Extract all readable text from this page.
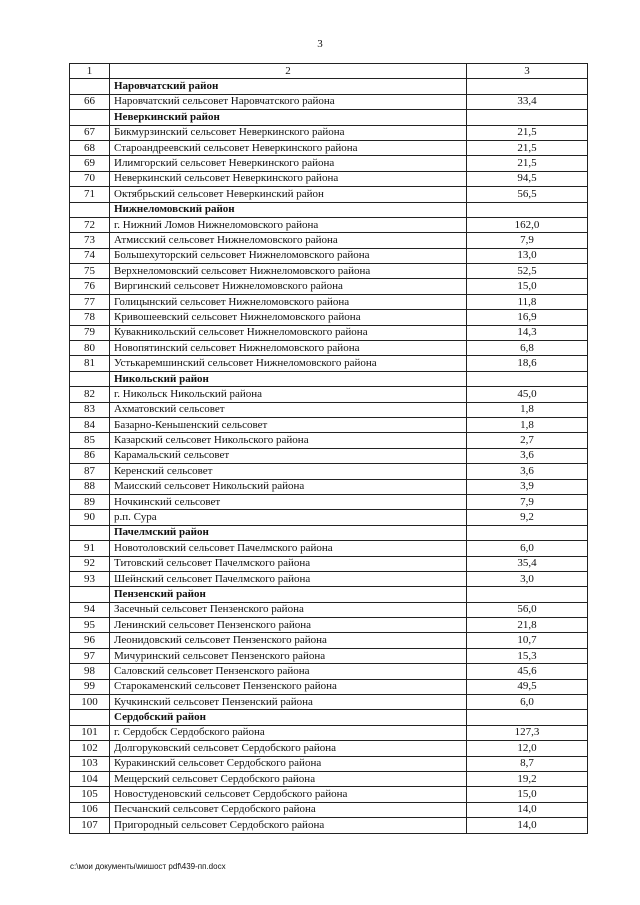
3
1	2	3
	Наровчатский район	
66	Наровчатский сельсовет Наровчатского района	33,4
	Неверкинский район	
67	Бикмурзинский сельсовет Неверкинского района	21,5
68	Староандреевский сельсовет Неверкинского района	21,5
69	Илимгорский сельсовет Неверкинского района	21,5
70	Неверкинский сельсовет Неверкинского района	94,5
71	Октябрьский сельсовет Неверкинский район	56,5
	Нижнеломовский район	
72	г. Нижний Ломов Нижнеломовского района	162,0
73	Атмисский сельсовет Нижнеломовского района	7,9
74	Большехуторский сельсовет Нижнеломовского района	13,0
75	Верхнеломовский сельсовет Нижнеломовского района	52,5
76	Виргинский сельсовет Нижнеломовского района	15,0
77	Голицынский сельсовет Нижнеломовского района	11,8
78	Кривошеевский сельсовет Нижнеломовского района	16,9
79	Кувакникольский сельсовет Нижнеломовского района	14,3
80	Новопятинский сельсовет Нижнеломовского района	6,8
81	Устькаремшинский сельсовет Нижнеломовского района	18,6
	Никольский район	
82	г. Никольск Никольский района	45,0
83	Ахматовский сельсовет	1,8
84	Базарно-Кеньшенский сельсовет	1,8
85	Казарский сельсовет Никольского района	2,7
86	Карамальский сельсовет	3,6
87	Керенский сельсовет	3,6
88	Маисский сельсовет Никольский района	3,9
89	Ночкинский сельсовет	7,9
90	р.п. Сура	9,2
	Пачелмский район	
91	Новотоловский сельсовет Пачелмского района	6,0
92	Титовский сельсовет Пачелмского района	35,4
93	Шейнский сельсовет Пачелмского района	3,0
	Пензенский район	
94	Засечный сельсовет Пензенского района	56,0
95	Ленинский сельсовет Пензенского района	21,8
96	Леонидовский сельсовет Пензенского района	10,7
97	Мичуринский сельсовет Пензенского района	15,3
98	Саловский сельсовет Пензенского района	45,6
99	Старокаменский сельсовет Пензенского района	49,5
100	Кучкинский сельсовет Пензенский района	6,0
	Сердобский район	
101	г. Сердобск Сердобского района	127,3
102	Долгоруковский сельсовет Сердобского района	12,0
103	Куракинский сельсовет Сердобского района	8,7
104	Мещерский сельсовет Сердобского района	19,2
105	Новостуденовский сельсовет Сердобского района	15,0
106	Песчанский сельсовет Сердобского района	14,0
107	Пригородный сельсовет Сердобского района	14,0
c:\мои документы\мишост pdf\439-пп.docx
